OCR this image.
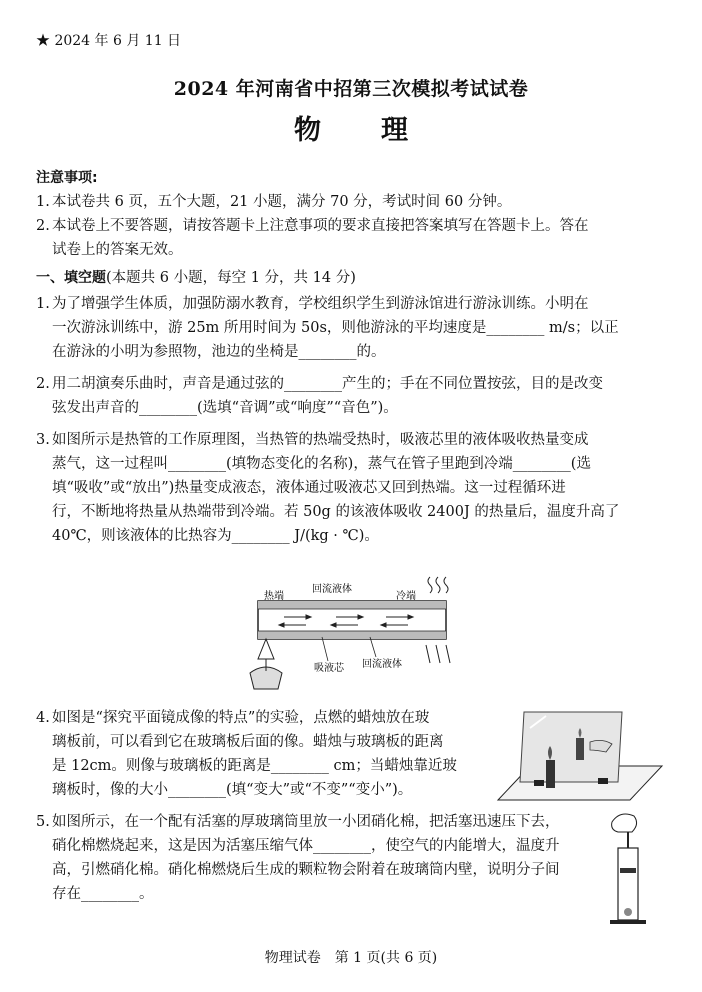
★ 2024 年 6 月 11 日
2024 年河南省中招第三次模拟考试试卷
物 理
注意事项:
1. 本试卷共 6 页，五个大题，21 小题，满分 70 分，考试时间 60 分钟。
2. 本试卷上不要答题，请按答题卡上注意事项的要求直接把答案填写在答题卡上。答在
试卷上的答案无效。
一、填空题(本题共 6 小题，每空 1 分，共 14 分)
1. 为了增强学生体质，加强防溺水教育，学校组织学生到游泳馆进行游泳训练。小明在
一次游泳训练中，游 25m 所用时间为 50s，则他游泳的平均速度是________ m/s；以正
在游泳的小明为参照物，池边的坐椅是________的。
2. 用二胡演奏乐曲时，声音是通过弦的________产生的；手在不同位置按弦，目的是改变
弦发出声音的________(选填“音调”或“响度”“音色”)。
3. 如图所示是热管的工作原理图，当热管的热端受热时，吸液芯里的液体吸收热量变成
蒸气，这一过程叫________(填物态变化的名称)，蒸气在管子里跑到冷端________(选
填“吸收”或“放出”)热量变成液态，液体通过吸液芯又回到热端。这一过程循环进
行，不断地将热量从热端带到冷端。若 50g 的该液体吸收 2400J 的热量后，温度升高了
40℃，则该液体的比热容为________ J/(kg · ℃)。
热端
回流液体
冷端
吸液芯 回流液体
4. 如图是“探究平面镜成像的特点”的实验，点燃的蜡烛放在玻
璃板前，可以看到它在玻璃板后面的像。蜡烛与玻璃板的距离
是 12cm。则像与玻璃板的距离是________ cm；当蜡烛靠近玻
璃板时，像的大小________(填“变大”或“不变”“变小”)。
5. 如图所示，在一个配有活塞的厚玻璃筒里放一小团硝化棉，把活塞迅速压下去，
硝化棉燃烧起来，这是因为活塞压缩气体________，使空气的内能增大，温度升
高，引燃硝化棉。硝化棉燃烧后生成的颗粒物会附着在玻璃筒内壁，说明分子间
存在________。
物理试卷　第 1 页(共 6 页)
